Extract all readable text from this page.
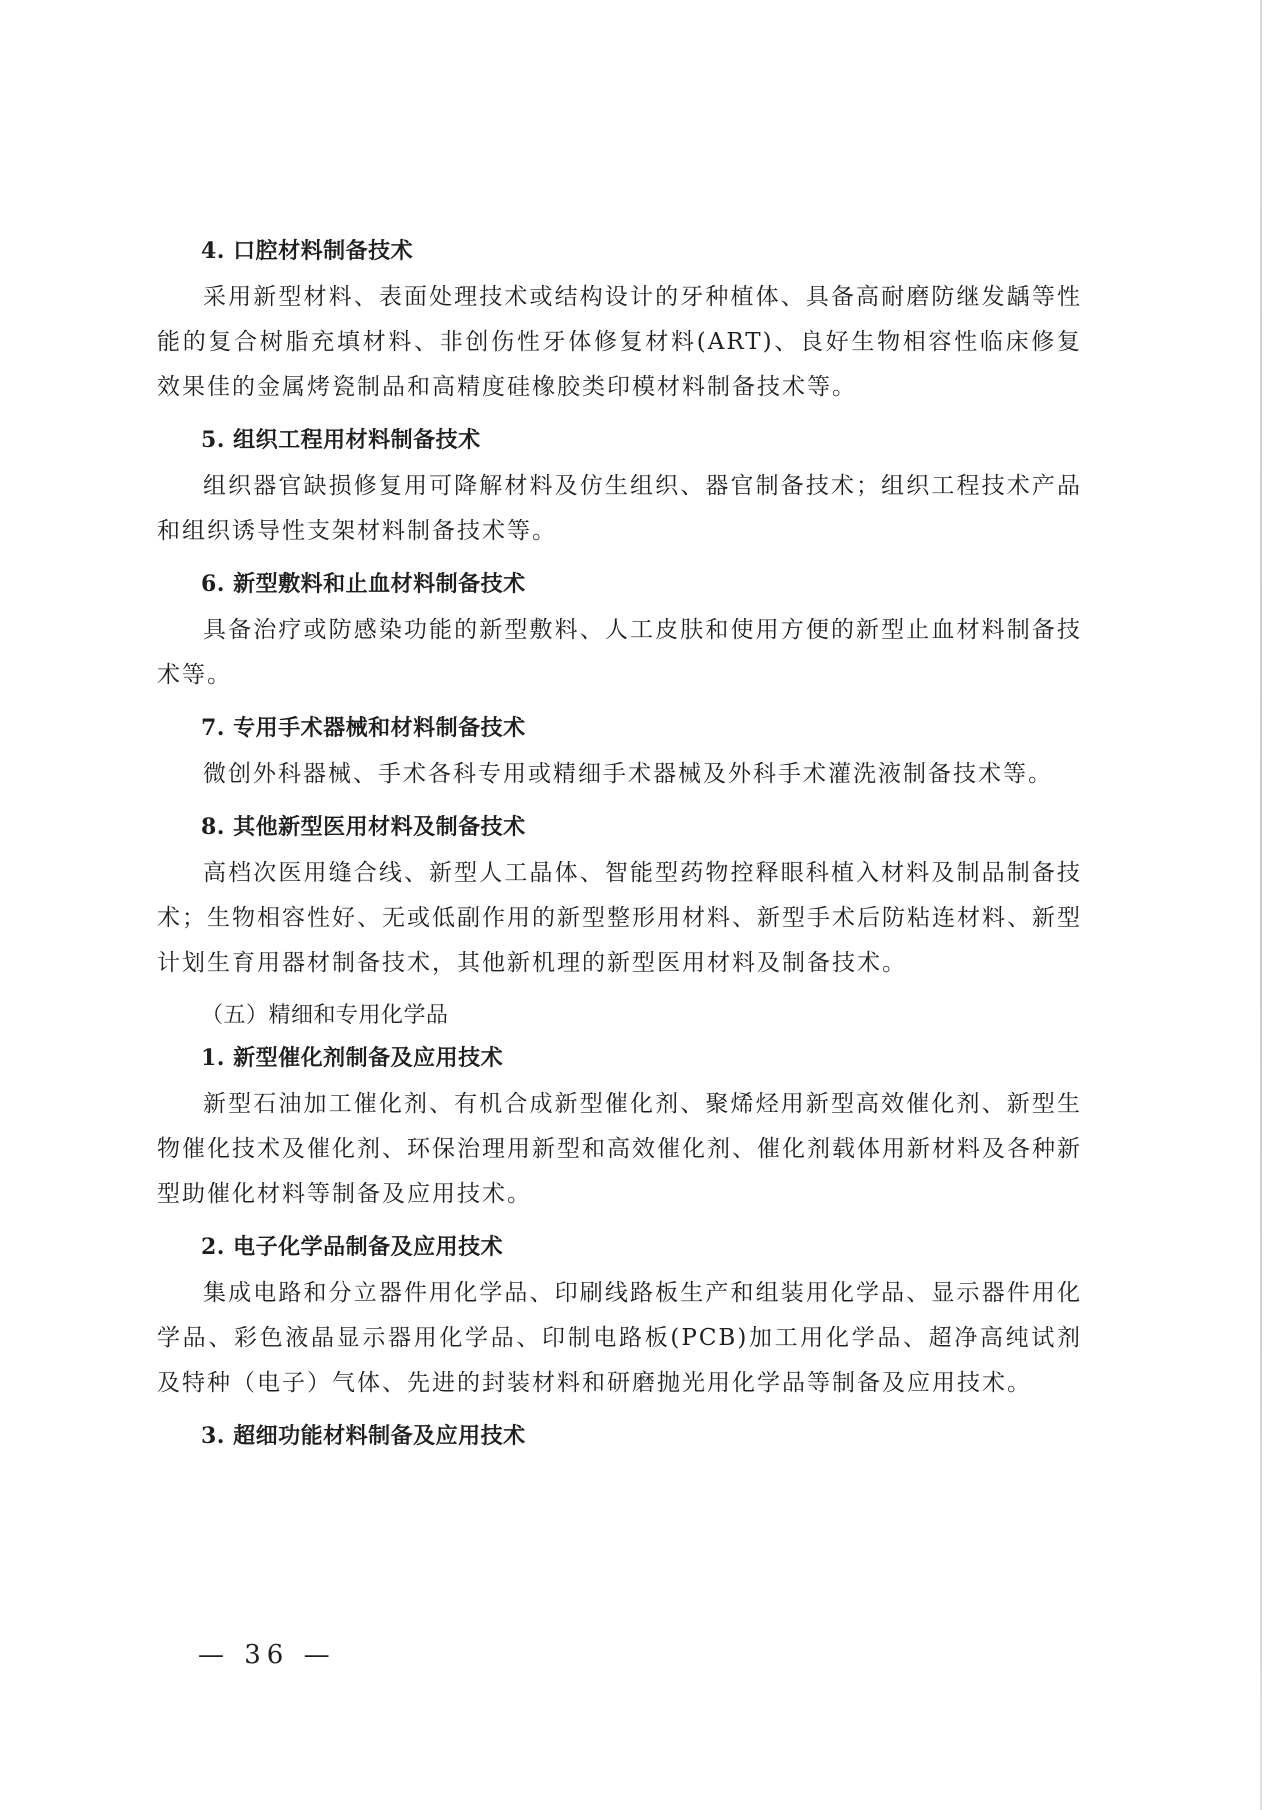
4. 口腔材料制备技术
采用新型材料、表面处理技术或结构设计的牙种植体、具备高耐磨防继发龋等性能的复合树脂充填材料、非创伤性牙体修复材料(ART)、良好生物相容性临床修复效果佳的金属烤瓷制品和高精度硅橡胶类印模材料制备技术等。
5. 组织工程用材料制备技术
组织器官缺损修复用可降解材料及仿生组织、器官制备技术；组织工程技术产品和组织诱导性支架材料制备技术等。
6. 新型敷料和止血材料制备技术
具备治疗或防感染功能的新型敷料、人工皮肤和使用方便的新型止血材料制备技术等。
7. 专用手术器械和材料制备技术
微创外科器械、手术各科专用或精细手术器械及外科手术灌洗液制备技术等。
8. 其他新型医用材料及制备技术
高档次医用缝合线、新型人工晶体、智能型药物控释眼科植入材料及制品制备技术；生物相容性好、无或低副作用的新型整形用材料、新型手术后防粘连材料、新型计划生育用器材制备技术，其他新机理的新型医用材料及制备技术。
（五）精细和专用化学品
1. 新型催化剂制备及应用技术
新型石油加工催化剂、有机合成新型催化剂、聚烯烃用新型高效催化剂、新型生物催化技术及催化剂、环保治理用新型和高效催化剂、催化剂载体用新材料及各种新型助催化材料等制备及应用技术。
2. 电子化学品制备及应用技术
集成电路和分立器件用化学品、印刷线路板生产和组装用化学品、显示器件用化学品、彩色液晶显示器用化学品、印制电路板(PCB)加工用化学品、超净高纯试剂及特种（电子）气体、先进的封装材料和研磨抛光用化学品等制备及应用技术。
3. 超细功能材料制备及应用技术
— 36 —
